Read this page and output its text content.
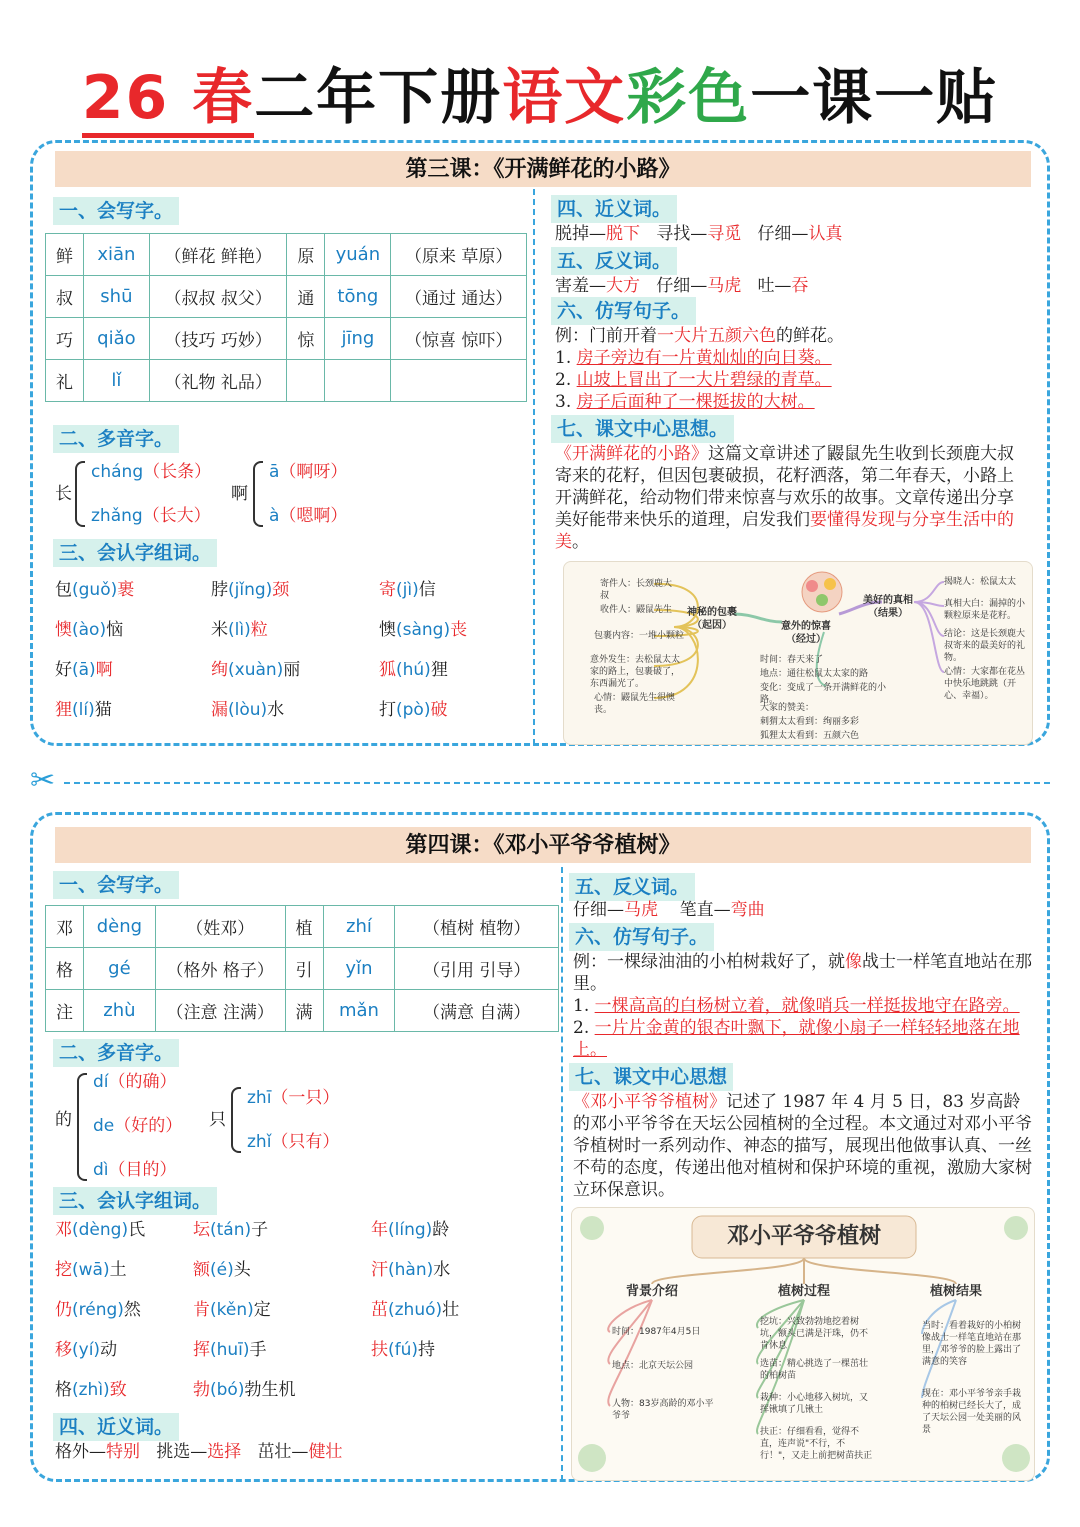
26 春二年下册语文彩色一课一贴
第三课：《开满鲜花的小路》
一、会写字。
鲜	xiān	（鲜花 鲜艳）	原	yuán	（原来 草原）
叔	shū	（叔叔 叔父）	通	tōng	（通过 通达）
巧	qiǎo	（技巧 巧妙）	惊	jīng	（惊喜 惊吓）
礼	lǐ	（礼物 礼品）			
二、多音字。
长
cháng（长条）
zhǎng（长大）
啊
ā（啊呀）
à（嗯啊）
三、会认字组词。
包(guǒ)裹	脖(jǐng)颈	寄(jì)信
懊(ào)恼	米(lì)粒	懊(sàng)丧
好(ā)啊	绚(xuàn)丽	狐(hú)狸
狸(lí)猫	漏(lòu)水	打(pò)破
四、近义词。
脱掉—脱下 寻找—寻觅 仔细—认真
五、反义词。
害羞—大方 仔细—马虎 吐—吞
六、仿写句子。
例：门前开着一大片五颜六色的鲜花。
1. 房子旁边有一片黄灿灿的向日葵。
2. 山坡上冒出了一大片碧绿的青草。
3. 房子后面种了一棵挺拔的大树。
七、课文中心思想。
《开满鲜花的小路》这篇文章讲述了鼹鼠先生收到长颈鹿大叔寄来的花籽，但因包裹破损，花籽洒落，第二年春天，小路上开满鲜花，给动物们带来惊喜与欢乐的故事。文章传递出分享美好能带来快乐的道理，启发我们要懂得发现与分享生活中的美。
寄件人：长颈鹿大叔
收件人：鼹鼠先生
包裹内容：一堆小颗粒
意外发生：去松鼠太太家的路上，包裹破了，东西漏光了。
心情：鼹鼠先生很懊丧。
神秘的包裹（起因）	意外的惊喜（经过）
美好的真相（结果）
时间：春天来了
地点：通往松鼠太太家的路
变化：变成了一条开满鲜花的小路。
大家的赞美：
刺猬太太看到：绚丽多彩
狐狸太太看到：五颜六色
揭晓人：松鼠太太
真相大白：漏掉的小颗粒原来是花籽。
结论：这是长颈鹿大叔寄来的最美好的礼物。
心情：大家都在花丛中快乐地跳跳（开心、幸福）。
✂
第四课：《邓小平爷爷植树》
一、会写字。
邓	dèng	（姓邓）	植	zhí	（植树 植物）
格	gé	（格外 格子）	引	yǐn	（引用 引导）
注	zhù	（注意 注满）	满	mǎn	（满意 自满）
二、多音字。
的
dí（的确）
de（好的）
dì（目的）
只
zhī（一只）
zhǐ（只有）
三、会认字组词。
邓(dèng)氏	坛(tán)子	年(líng)龄
挖(wā)土	额(é)头	汗(hàn)水
仍(réng)然	肯(kěn)定	茁(zhuó)壮
移(yí)动	挥(huī)手	扶(fú)持
格(zhì)致	勃(bó)勃生机
四、近义词。
格外—特别 挑选—选择 茁壮—健壮
五、反义词。
仔细—马虎 笔直—弯曲
六、仿写句子。
例：一棵绿油油的小柏树栽好了，就像战士一样笔直地站在那里。
1. 一棵高高的白杨树立着，就像哨兵一样挺拔地守在路旁。
2. 一片片金黄的银杏叶飘下，就像小扇子一样轻轻地落在地上。
七、课文中心思想
《邓小平爷爷植树》记述了 1987 年 4 月 5 日，83 岁高龄的邓小平爷爷在天坛公园植树的全过程。本文通过对邓小平爷爷植树时一系列动作、神态的描写，展现出他做事认真、一丝不苟的态度，传递出他对植树和保护环境的重视，激励大家树立环保意识。
邓小平爷爷植树
背景介绍	植树过程	植树结果
时间：1987年4月5日
地点：北京天坛公园
人物：83岁高龄的邓小平爷爷
挖坑：兴致勃勃地挖着树坑，额头已满是汗珠，仍不肯休息
选苗：精心挑选了一棵茁壮的柏树苗
栽种：小心地移入树坑，又挥锹填了几锹土
扶正：仔细看看，觉得不直，连声说"不行，不行！"，又走上前把树苗扶正
当时：看着栽好的小柏树像战士一样笔直地站在那里，邓爷爷的脸上露出了满意的笑容
现在：邓小平爷爷亲手栽种的柏树已经长大了，成了天坛公园一处美丽的风景
